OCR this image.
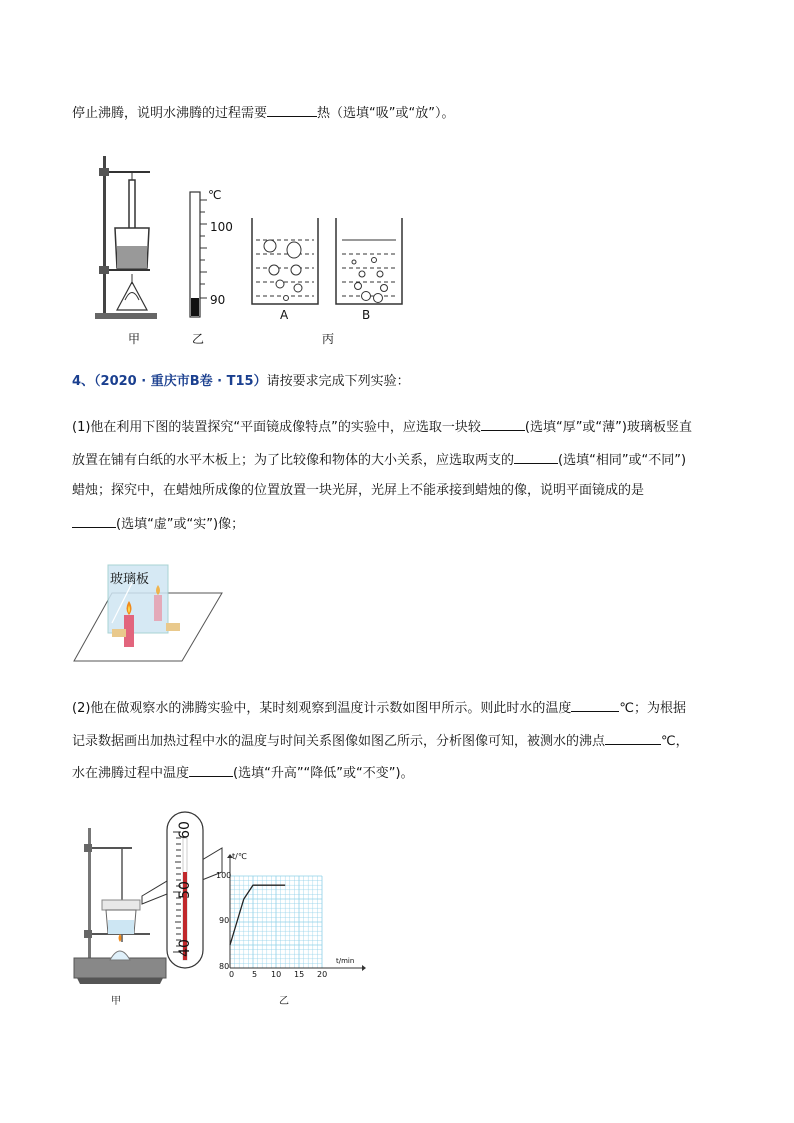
停止沸腾，说明水沸腾的过程需要	热（选填“吸”或“放”）。
甲
℃
100
90
乙
A	B
丙
4、（2020 · 重庆市B卷 · T15）请按要求完成下列实验：
(1)他在利用下图的装置探究“平面镜成像特点”的实验中，应选取一块较	(选填“厚”或“薄”)玻璃板竖直
放置在铺有白纸的水平木板上；为了比较像和物体的大小关系，应选取两支的	(选填“相同”或“不同”)
蜡烛；探究中，在蜡烛所成像的位置放置一块光屏，光屏上不能承接到蜡烛的像，说明平面镜成的是
(选填“虚”或“实”)像；
玻璃板
(2)他在做观察水的沸腾实验中，某时刻观察到温度计示数如图甲所示。则此时水的温度	℃；为根据
记录数据画出加热过程中水的温度与时间关系图像如图乙所示，分析图像可知，被测水的沸点	℃，
水在沸腾过程中温度	(选填“升高”“降低”或“不变”)。
60
50
40
甲
t/℃
t/min
100
90
80
0 5 10 15 20
乙
